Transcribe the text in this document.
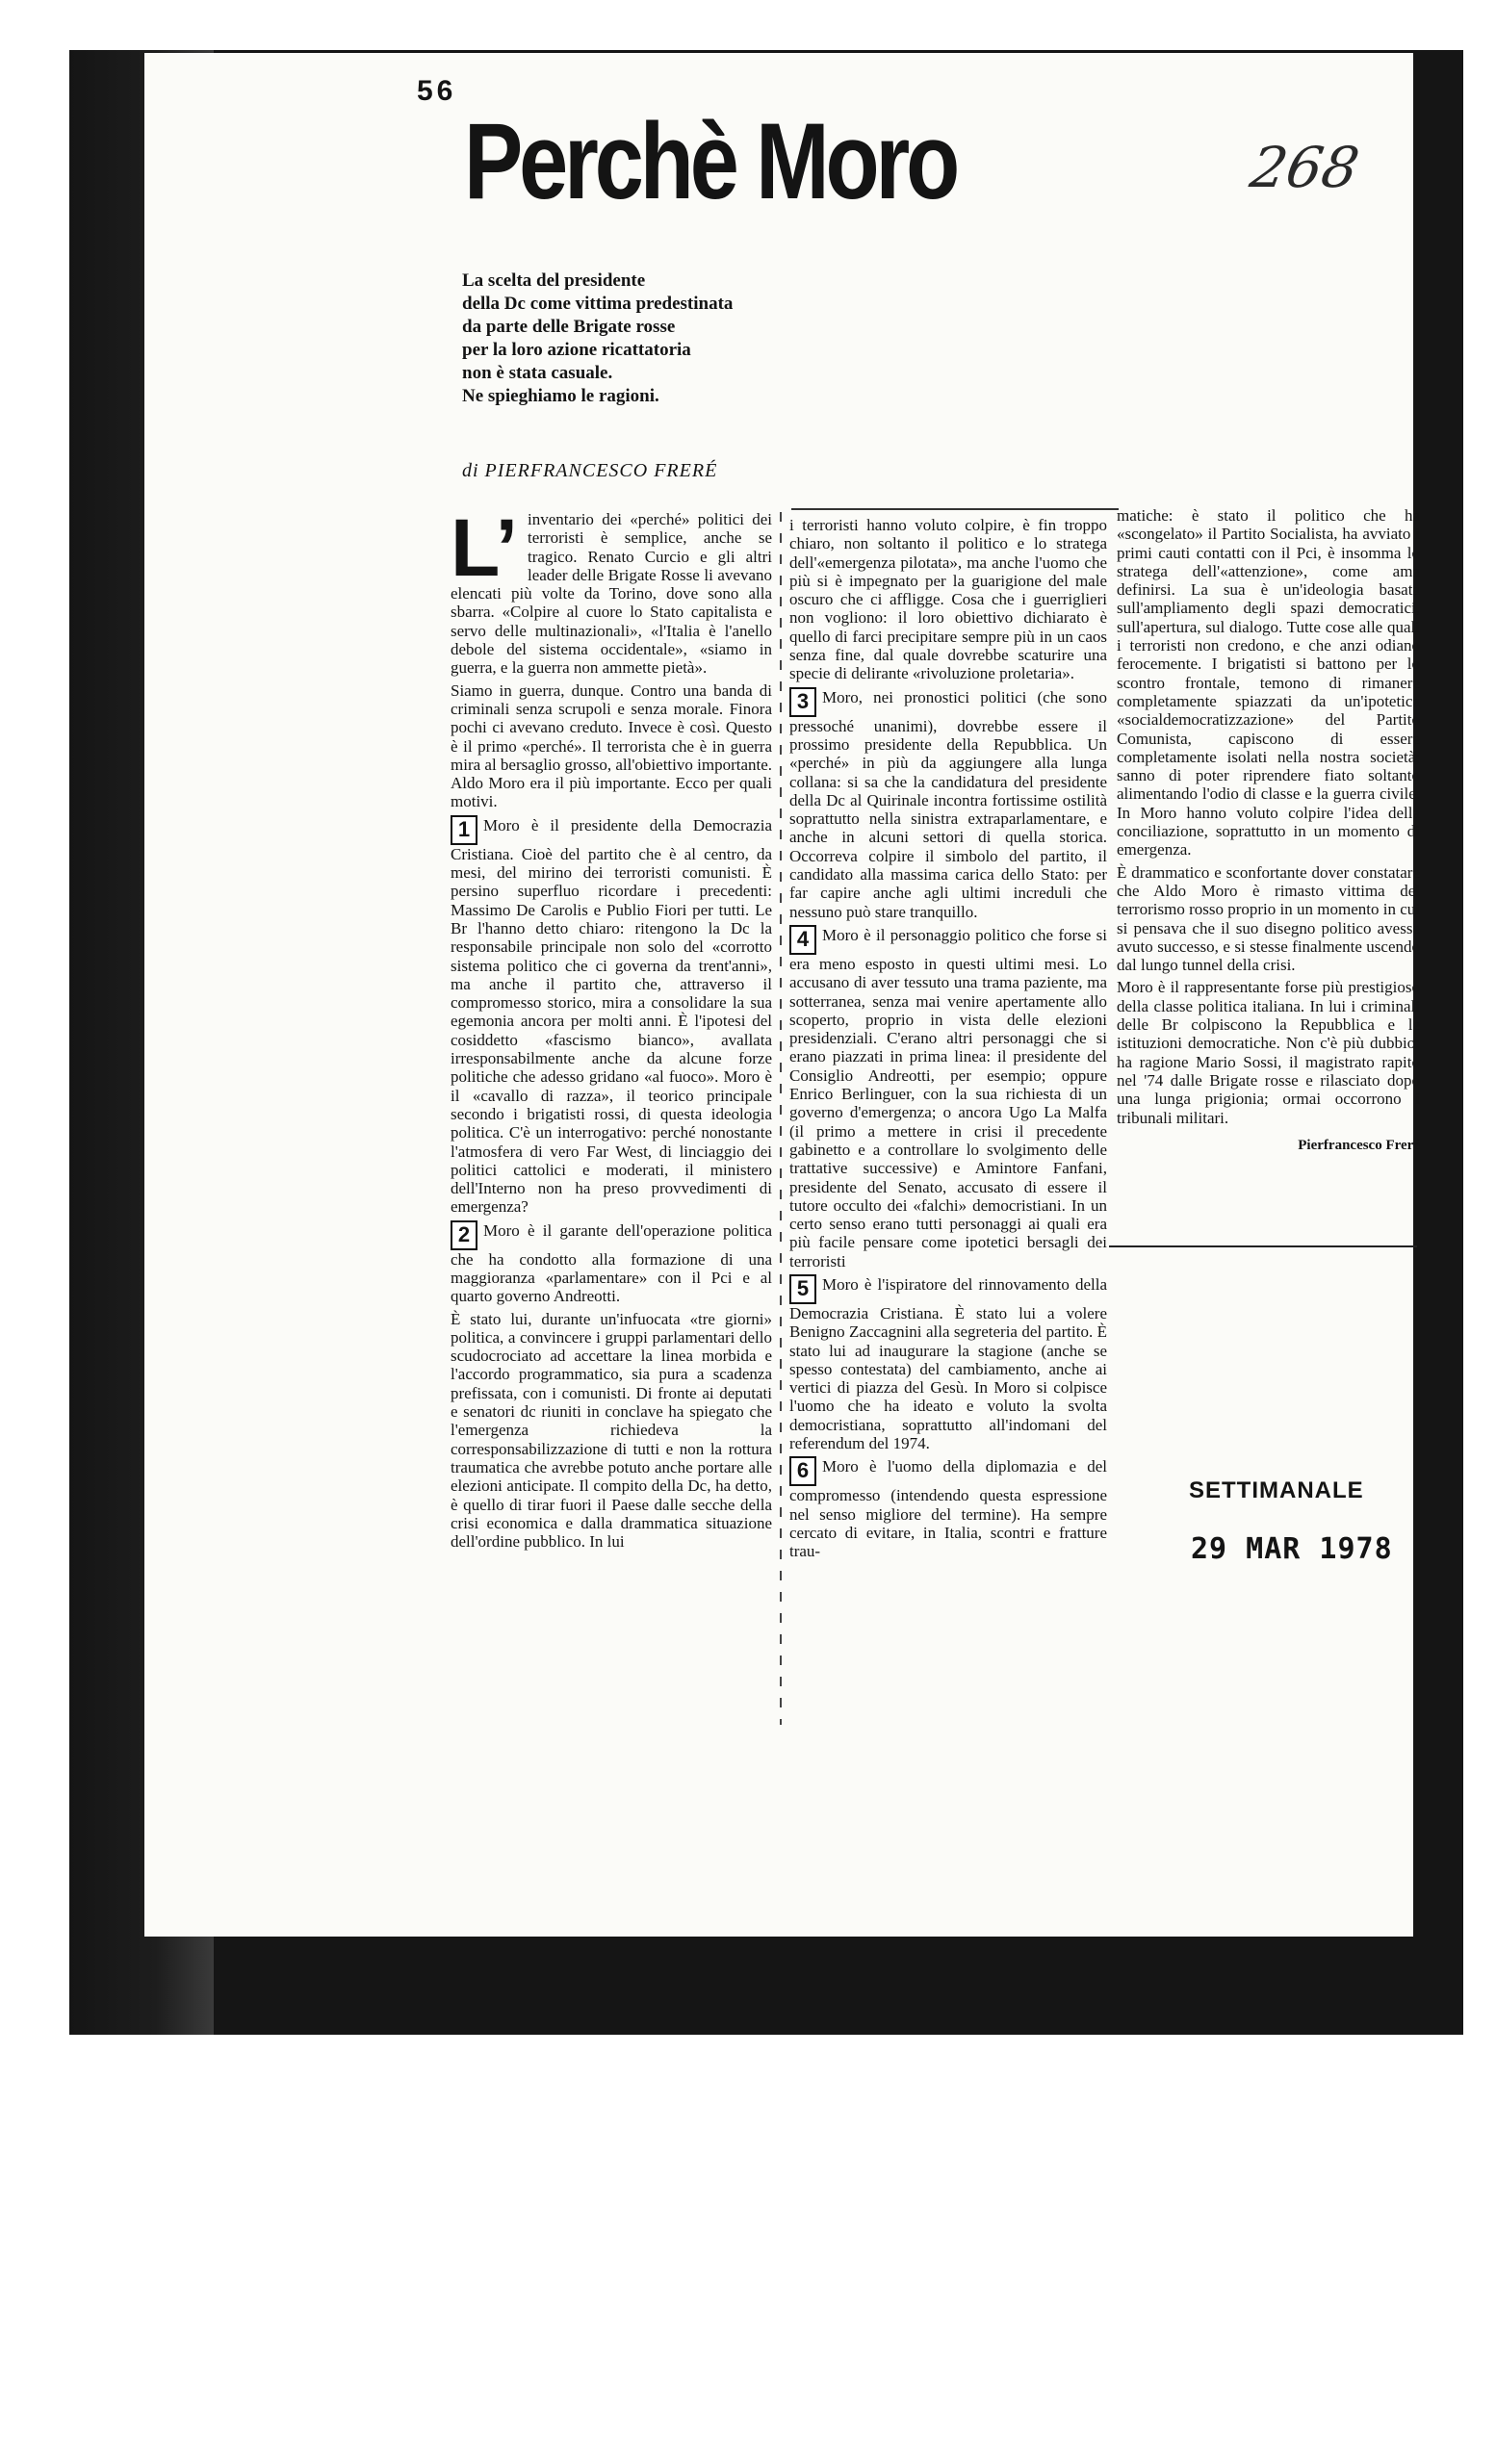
56
Perchè Moro	268
La scelta del presidente
della Dc come vittima predestinata
da parte delle Brigate rosse
per la loro azione ricattatoria
non è stata casuale.
Ne spieghiamo le ragioni.
di PIERFRANCESCO FRERÉ

L’ inventario dei «perché» politici dei terroristi è semplice, anche se tragico. Renato Curcio e gli altri leader delle Brigate Rosse li avevano elencati più volte da Torino, dove sono alla sbarra. «Colpire al cuore lo Stato capitalista e servo delle multinazionali», «l'Italia è l'anello debole del sistema occidentale», «siamo in guerra, e la guerra non ammette pietà».

Siamo in guerra, dunque. Contro una banda di criminali senza scrupoli e senza morale. Finora pochi ci avevano creduto. Invece è così. Questo è il primo «perché». Il terrorista che è in guerra mira al bersaglio grosso, all'obiettivo importante. Aldo Moro era il più importante. Ecco per quali motivi.

1 Moro è il presidente della Democrazia Cristiana. Cioè del partito che è al centro, da mesi, del mirino dei terroristi comunisti. È persino superfluo ricordare i precedenti: Massimo De Carolis e Publio Fiori per tutti. Le Br l'hanno detto chiaro: ritengono la Dc la responsabile principale non solo del «corrotto sistema politico che ci governa da trent'anni», ma anche il partito che, attraverso il compromesso storico, mira a consolidare la sua egemonia ancora per molti anni. È l'ipotesi del cosiddetto «fascismo bianco», avallata irresponsabilmente anche da alcune forze politiche che adesso gridano «al fuoco». Moro è il «cavallo di razza», il teorico principale secondo i brigatisti rossi, di questa ideologia politica. C'è un interrogativo: perché nonostante l'atmosfera di vero Far West, di linciaggio dei politici cattolici e moderati, il ministero dell'Interno non ha preso provvedimenti di emergenza?

2 Moro è il garante dell'operazione politica che ha condotto alla formazione di una maggioranza «parlamentare» con il Pci e al quarto governo Andreotti.

È stato lui, durante un'infuocata «tre giorni» politica, a convincere i gruppi parlamentari dello scudocrociato ad accettare la linea morbida e l'accordo programmatico, sia pura a scadenza prefissata, con i comunisti. Di fronte ai deputati e senatori dc riuniti in conclave ha spiegato che l'emergenza richiedeva la corresponsabilizzazione di tutti e non la rottura traumatica che avrebbe potuto anche portare alle elezioni anticipate. Il compito della Dc, ha detto, è quello di tirar fuori il Paese dalle secche della crisi economica e dalla drammatica situazione dell'ordine pubblico. In lui

i terroristi hanno voluto colpire, è fin troppo chiaro, non soltanto il politico e lo stratega dell'«emergenza pilotata», ma anche l'uomo che più si è impegnato per la guarigione del male oscuro che ci affligge. Cosa che i guerriglieri non vogliono: il loro obiettivo dichiarato è quello di farci precipitare sempre più in un caos senza fine, dal quale dovrebbe scaturire una specie di delirante «rivoluzione proletaria».

3 Moro, nei pronostici politici (che sono pressoché unanimi), dovrebbe essere il prossimo presidente della Repubblica. Un «perché» in più da aggiungere alla lunga collana: si sa che la candidatura del presidente della Dc al Quirinale incontra fortissime ostilità soprattutto nella sinistra extraparlamentare, e anche in alcuni settori di quella storica. Occorreva colpire il simbolo del partito, il candidato alla massima carica dello Stato: per far capire anche agli ultimi increduli che nessuno può stare tranquillo.

4 Moro è il personaggio politico che forse si era meno esposto in questi ultimi mesi. Lo accusano di aver tessuto una trama paziente, ma sotterranea, senza mai venire apertamente allo scoperto, proprio in vista delle elezioni presidenziali. C'erano altri personaggi che si erano piazzati in prima linea: il presidente del Consiglio Andreotti, per esempio; oppure Enrico Berlinguer, con la sua richiesta di un governo d'emergenza; o ancora Ugo La Malfa (il primo a mettere in crisi il precedente gabinetto e a controllare lo svolgimento delle trattative successive) e Amintore Fanfani, presidente del Senato, accusato di essere il tutore occulto dei «falchi» democristiani. In un certo senso erano tutti personaggi ai quali era più facile pensare come ipotetici bersagli dei terroristi

5 Moro è l'ispiratore del rinnovamento della Democrazia Cristiana. È stato lui a volere Benigno Zaccagnini alla segreteria del partito. È stato lui ad inaugurare la stagione (anche se spesso contestata) del cambiamento, anche ai vertici di piazza del Gesù. In Moro si colpisce l'uomo che ha ideato e voluto la svolta democristiana, soprattutto all'indomani del referendum del 1974.

6 Moro è l'uomo della diplomazia e del compromesso (intendendo questa espressione nel senso migliore del termine). Ha sempre cercato di evitare, in Italia, scontri e fratture trau-

matiche: è stato il politico che ha «scongelato» il Partito Socialista, ha avviato i primi cauti contatti con il Pci, è insomma lo stratega dell'«attenzione», come ama definirsi. La sua è un'ideologia basata sull'ampliamento degli spazi democratici, sull'apertura, sul dialogo. Tutte cose alle quali i terroristi non credono, e che anzi odiano ferocemente. I brigatisti si battono per lo scontro frontale, temono di rimanere completamente spiazzati da un'ipotetica «socialdemocratizzazione» del Partito Comunista, capiscono di essere completamente isolati nella nostra società; sanno di poter riprendere fiato soltanto alimentando l'odio di classe e la guerra civile. In Moro hanno voluto colpire l'idea della conciliazione, soprattutto in un momento di emergenza.

È drammatico e sconfortante dover constatare che Aldo Moro è rimasto vittima del terrorismo rosso proprio in un momento in cui si pensava che il suo disegno politico avesse avuto successo, e si stesse finalmente uscendo dal lungo tunnel della crisi.

Moro è il rappresentante forse più prestigioso della classe politica italiana. In lui i criminali delle Br colpiscono la Repubblica e le istituzioni democratiche. Non c'è più dubbio: ha ragione Mario Sossi, il magistrato rapito nel '74 dalle Brigate rosse e rilasciato dopo una lunga prigionia; ormai occorrono i tribunali militari.

Pierfrancesco Freré

SETTIMANALE
29 MAR 1978
